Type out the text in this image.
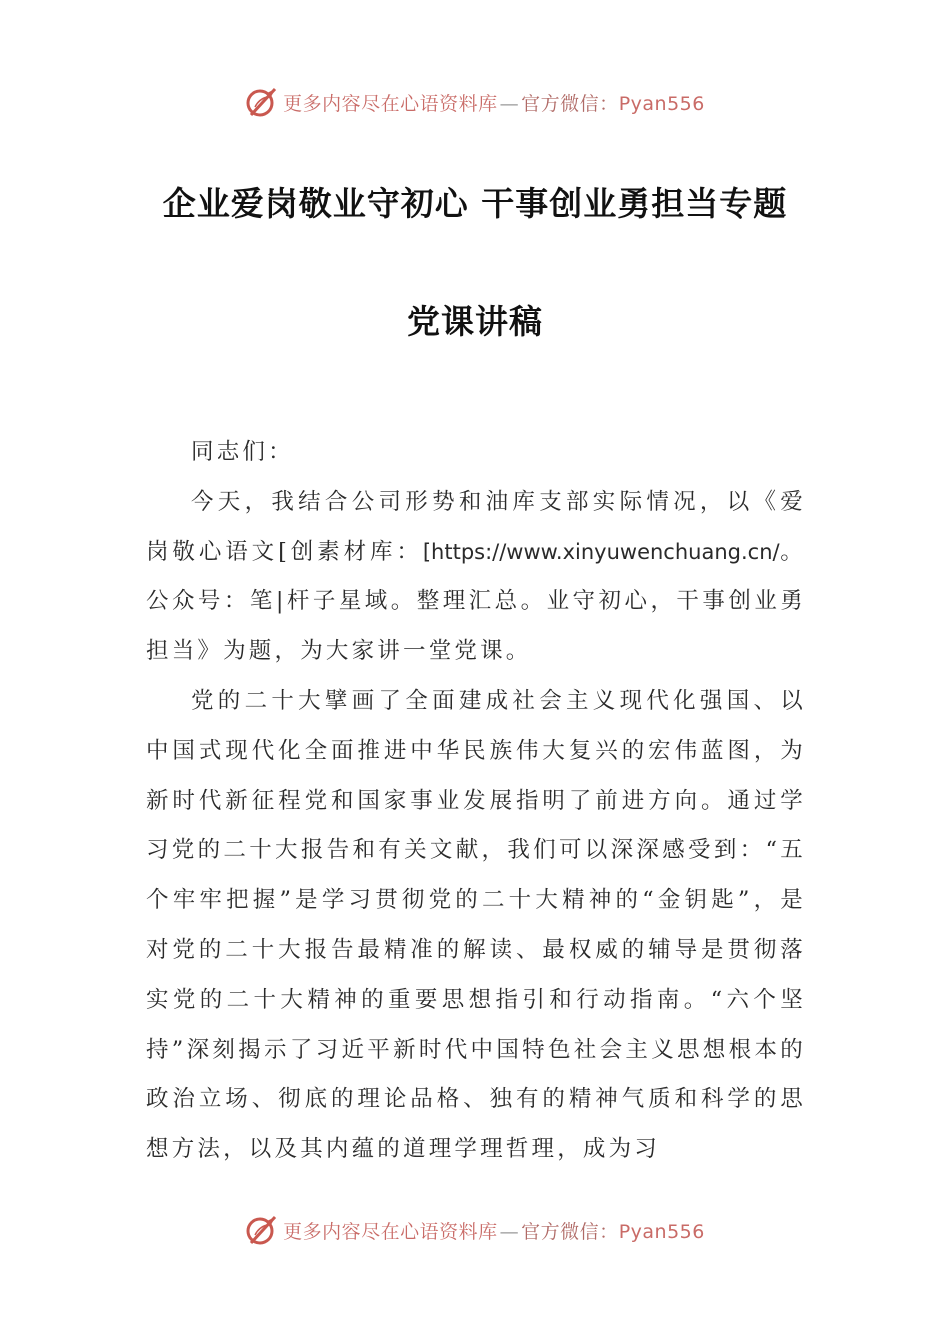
更多内容尽在心语资料库 — 官方微信：Pyan556
企业爱岗敬业守初心 干事创业勇担当专题
党课讲稿

同志们：

今天，我结合公司形势和油库支部实际情况，以《爱岗敬心语文[创素材库：[https://www.xinyuwenchuang.cn/。公众号：笔|杆子星域。整理汇总。业守初心，干事创业勇担当》为题，为大家讲一堂党课。

党的二十大擘画了全面建成社会主义现代化强国、以中国式现代化全面推进中华民族伟大复兴的宏伟蓝图，为新时代新征程党和国家事业发展指明了前进方向。通过学习党的二十大报告和有关文献，我们可以深深感受到：“五个牢牢把握”是学习贯彻党的二十大精神的“金钥匙”，是对党的二十大报告最精准的解读、最权威的辅导是贯彻落实党的二十大精神的重要思想指引和行动指南。“六个坚持”深刻揭示了习近平新时代中国特色社会主义思想根本的政治立场、彻底的理论品格、独有的精神气质和科学的思想方法，以及其内蕴的道理学理哲理，成为习

更多内容尽在心语资料库 — 官方微信：Pyan556
